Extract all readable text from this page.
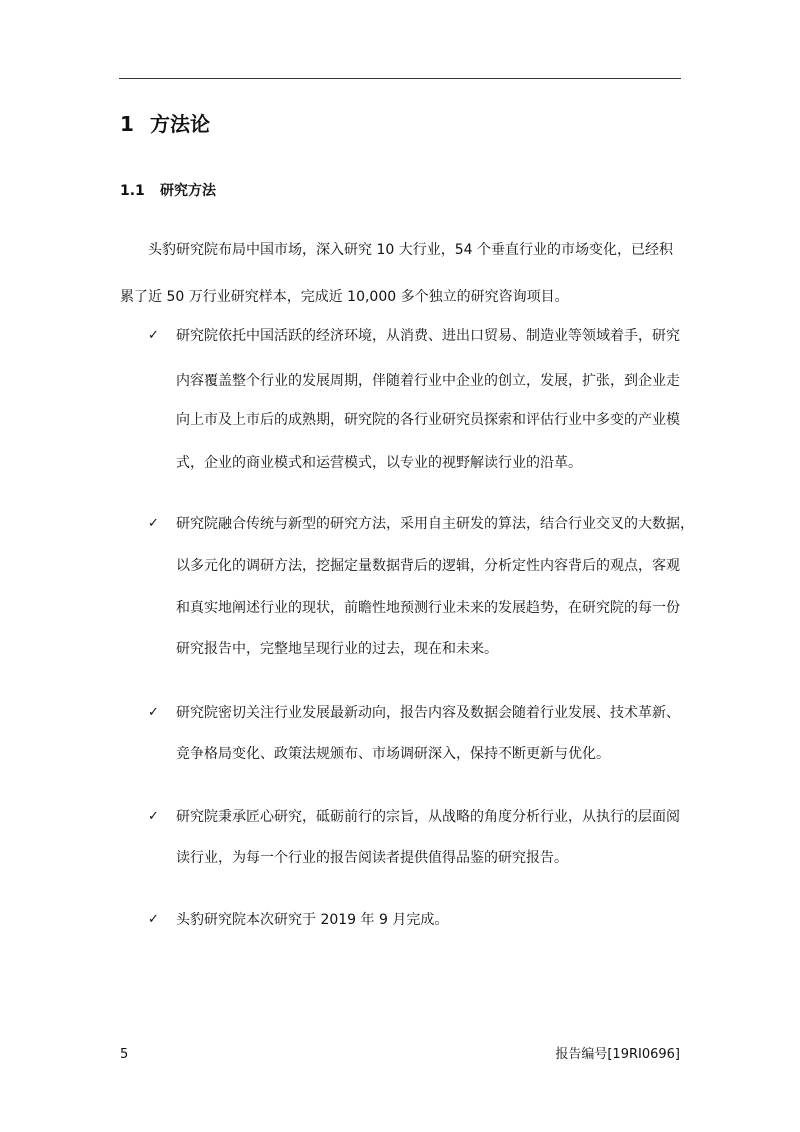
1 方法论
1.1 研究方法
头豹研究院布局中国市场，深入研究 10 大行业，54 个垂直行业的市场变化，已经积
累了近 50 万行业研究样本，完成近 10,000 多个独立的研究咨询项目。
✓ 研究院依托中国活跃的经济环境，从消费、进出口贸易、制造业等领域着手，研究
内容覆盖整个行业的发展周期，伴随着行业中企业的创立，发展，扩张，到企业走
向上市及上市后的成熟期，研究院的各行业研究员探索和评估行业中多变的产业模
式，企业的商业模式和运营模式，以专业的视野解读行业的沿革。
✓ 研究院融合传统与新型的研究方法，采用自主研发的算法，结合行业交叉的大数据，
以多元化的调研方法，挖掘定量数据背后的逻辑，分析定性内容背后的观点，客观
和真实地阐述行业的现状，前瞻性地预测行业未来的发展趋势，在研究院的每一份
研究报告中，完整地呈现行业的过去，现在和未来。
✓ 研究院密切关注行业发展最新动向，报告内容及数据会随着行业发展、技术革新、
竞争格局变化、政策法规颁布、市场调研深入，保持不断更新与优化。
✓ 研究院秉承匠心研究，砥砺前行的宗旨，从战略的角度分析行业，从执行的层面阅
读行业，为每一个行业的报告阅读者提供值得品鉴的研究报告。
✓ 头豹研究院本次研究于 2019 年 9 月完成。
5	报告编号[19RI0696]
